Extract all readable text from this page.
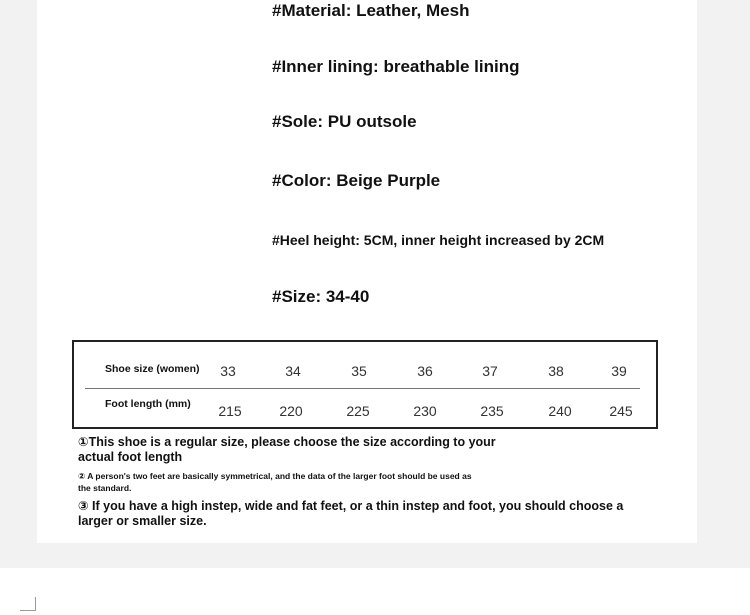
#Material: Leather, Mesh

#Inner lining: breathable lining

#Sole: PU outsole

#Color: Beige Purple

#Heel height: 5CM, inner height increased by 2CM

#Size: 34-40

Shoe size (women)	33	34	35	36	37	38	39
Foot length (mm)	215	220	225	230	235	240	245

①This shoe is a regular size, please choose the size according to your

actual foot length

② A person's two feet are basically symmetrical, and the data of the larger foot should be used as

the standard.

③ If you have a high instep, wide and fat feet, or a thin instep and foot, you should choose a

larger or smaller size.
